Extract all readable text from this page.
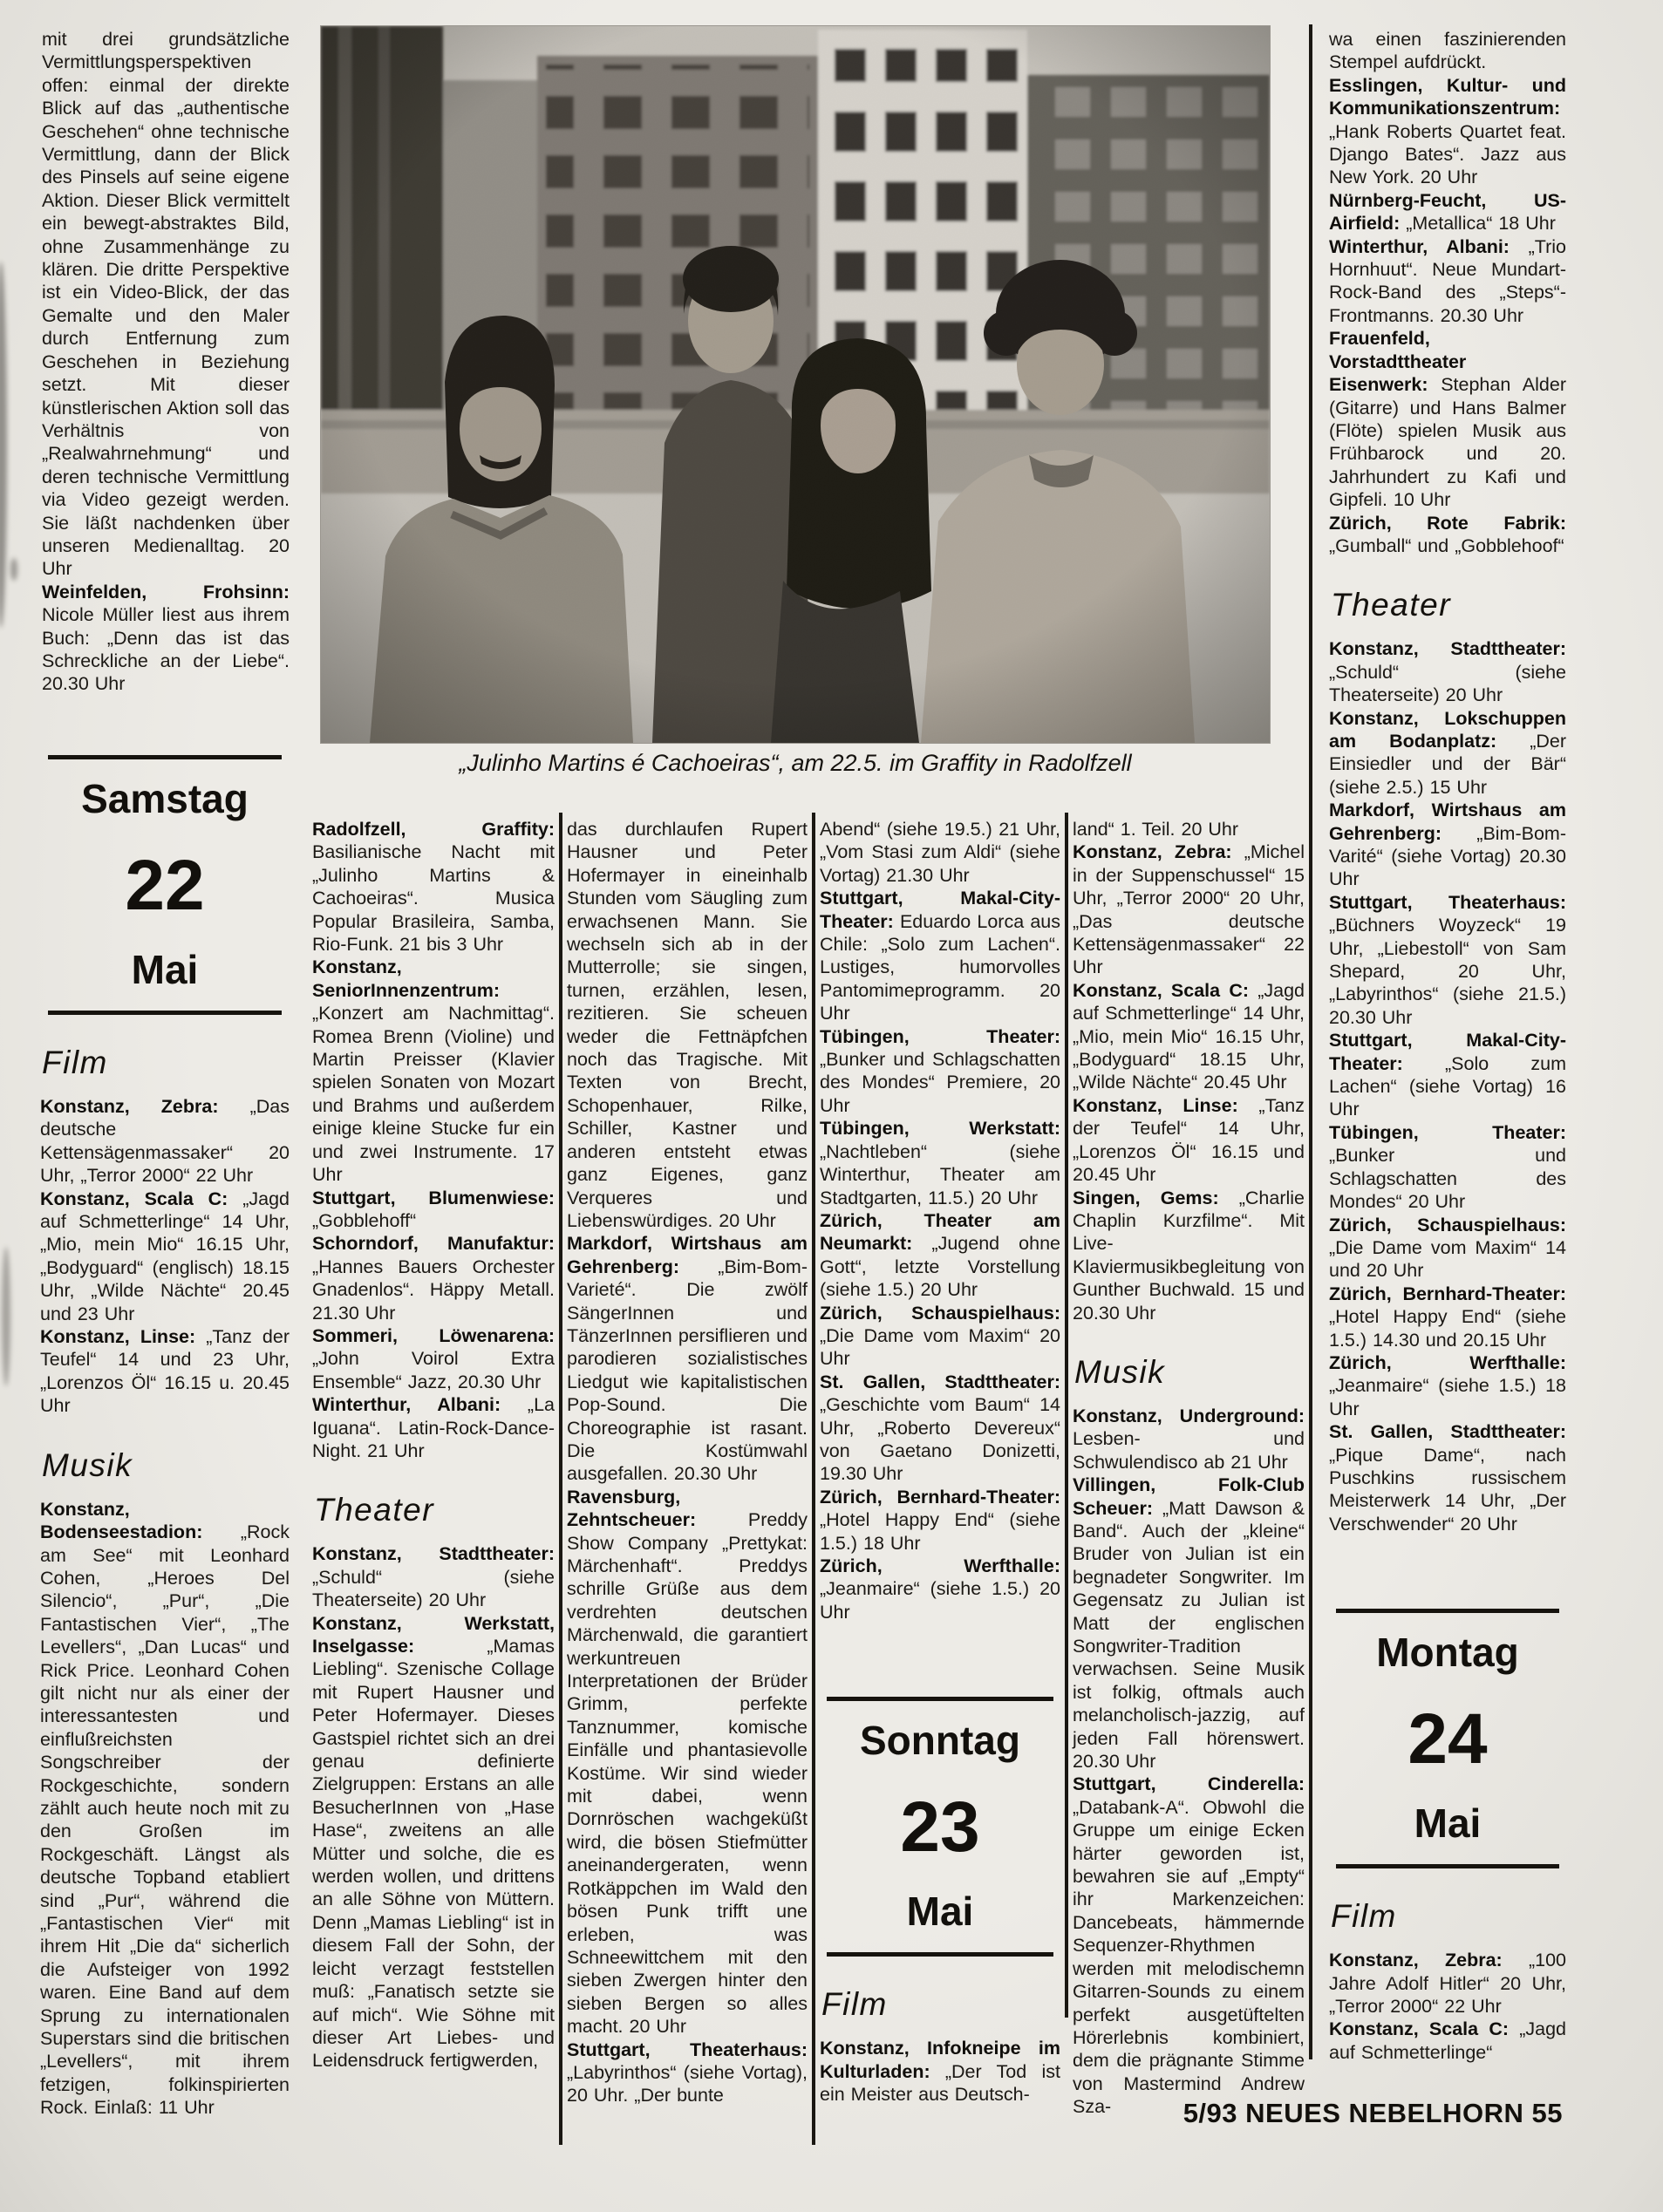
mit drei grundsätzliche Vermittlungsperspektiven offen: einmal der direkte Blick auf das „authentische Geschehen“ ohne technische Vermittlung, dann der Blick des Pinsels auf seine eigene Aktion. Dieser Blick vermittelt ein bewegt-abstraktes Bild, ohne Zusammenhänge zu klären. Die dritte Perspektive ist ein Video-Blick, der das Gemalte und den Maler durch Entfernung zum Geschehen in Beziehung setzt. Mit dieser künstlerischen Aktion soll das Verhältnis von „Realwahrnehmung“ und deren technische Vermittlung via Video gezeigt werden. Sie läßt nachdenken über unseren Medienalltag. 20 Uhr

Weinfelden, Frohsinn: Nicole Müller liest aus ihrem Buch: „Denn das ist das Schreckliche an der Liebe“. 20.30 Uhr

„Julinho Martins é Cachoeiras“, am 22.5. im Graffity in Radolfzell
Samstag
22
Mai
Film

Konstanz, Zebra: „Das deutsche Kettensägenmassaker“ 20 Uhr, „Terror 2000“ 22 Uhr

Konstanz, Scala C: „Jagd auf Schmetterlinge“ 14 Uhr, „Mio, mein Mio“ 16.15 Uhr, „Bodyguard“ (englisch) 18.15 Uhr, „Wilde Nächte“ 20.45 und 23 Uhr

Konstanz, Linse: „Tanz der Teufel“ 14 und 23 Uhr, „Lorenzos Öl“ 16.15 u. 20.45 Uhr

Musik

Konstanz, Bodenseestadion: „Rock am See“ mit Leonhard Cohen, „Heroes Del Silencio“, „Pur“, „Die Fantastischen Vier“, „The Levellers“, „Dan Lucas“ und Rick Price. Leonhard Cohen gilt nicht nur als einer der interessantesten und einflußreichsten Songschreiber der Rockgeschichte, sondern zählt auch heute noch mit zu den Großen im Rockgeschäft. Längst als deutsche Topband etabliert sind „Pur“, während die „Fantastischen Vier“ mit ihrem Hit „Die da“ sicherlich die Aufsteiger von 1992 waren. Eine Band auf dem Sprung zu internationalen Superstars sind die britischen „Levellers“, mit ihrem fetzigen, folkinspirierten Rock. Einlaß: 11 Uhr

Radolfzell, Graffity: Basilianische Nacht mit „Julinho Martins & Cachoeiras“. Musica Popular Brasileira, Samba, Rio-Funk. 21 bis 3 Uhr

Konstanz, SeniorInnenzentrum: „Konzert am Nachmittag“. Romea Brenn (Violine) und Martin Preisser (Klavier spielen Sonaten von Mozart und Brahms und außerdem einige kleine Stucke fur ein und zwei Instrumente. 17 Uhr

Stuttgart, Blumenwiese: „Gobblehoff“

Schorndorf, Manufaktur: „Hannes Bauers Orchester Gnadenlos“. Häppy Metall. 21.30 Uhr

Sommeri, Löwenarena: „John Voirol Extra Ensemble“ Jazz, 20.30 Uhr

Winterthur, Albani: „La Iguana“. Latin-Rock-Dance-Night. 21 Uhr

Theater

Konstanz, Stadttheater: „Schuld“ (siehe Theaterseite) 20 Uhr

Konstanz, Werkstatt, Inselgasse: „Mamas Liebling“. Szenische Collage mit Rupert Hausner und Peter Hofermayer. Dieses Gastspiel richtet sich an drei genau definierte Zielgruppen: Erstans an alle BesucherInnen von „Hase Hase“, zweitens an alle Mütter und solche, die es werden wollen, und drittens an alle Söhne von Müttern. Denn „Mamas Liebling“ ist in diesem Fall der Sohn, der leicht verzagt feststellen muß: „Fanatisch setzte sie auf mich“. Wie Söhne mit dieser Art Liebes- und Leidensdruck fertigwerden,

das durchlaufen Rupert Hausner und Peter Hofermayer in eineinhalb Stunden vom Säugling zum erwachsenen Mann. Sie wechseln sich ab in der Mutterrolle; sie singen, turnen, erzählen, lesen, rezitieren. Sie scheuen weder die Fettnäpfchen noch das Tragische. Mit Texten von Brecht, Schopenhauer, Rilke, Schiller, Kastner und anderen entsteht etwas ganz Eigenes, ganz Verqueres und Liebenswürdiges. 20 Uhr

Markdorf, Wirtshaus am Gehrenberg: „Bim-Bom-Varieté“. Die zwölf SängerInnen und TänzerInnen persiflieren und parodieren sozialistisches Liedgut wie kapitalistischen Pop-Sound. Die Choreographie ist rasant. Die Kostümwahl ausgefallen. 20.30 Uhr

Ravensburg, Zehntscheuer: Preddy Show Company „Prettykat: Märchenhaft“. Preddys schrille Grüße aus dem verdrehten deutschen Märchenwald, die garantiert werkuntreuen Interpretationen der Brüder Grimm, perfekte Tanznummer, komische Einfälle und phantasievolle Kostüme. Wir sind wieder mit dabei, wenn Dornröschen wachgeküßt wird, die bösen Stiefmütter aneinandergeraten, wenn Rotkäppchen im Wald den bösen Punk trifft une erleben, was Schneewittchem mit den sieben Zwergen hinter den sieben Bergen so alles macht. 20 Uhr

Stuttgart, Theaterhaus: „Labyrinthos“ (siehe Vortag), 20 Uhr. „Der bunte

Abend“ (siehe 19.5.) 21 Uhr, „Vom Stasi zum Aldi“ (siehe Vortag) 21.30 Uhr

Stuttgart, Makal-City-Theater: Eduardo Lorca aus Chile: „Solo zum Lachen“. Lustiges, humorvolles Pantomimeprogramm. 20 Uhr

Tübingen, Theater: „Bunker und Schlagschatten des Mondes“ Premiere, 20 Uhr

Tübingen, Werkstatt: „Nachtleben“ (siehe Winterthur, Theater am Stadtgarten, 11.5.) 20 Uhr

Zürich, Theater am Neumarkt: „Jugend ohne Gott“, letzte Vorstellung (siehe 1.5.) 20 Uhr

Zürich, Schauspielhaus: „Die Dame vom Maxim“ 20 Uhr

St. Gallen, Stadttheater: „Geschichte vom Baum“ 14 Uhr, „Roberto Devereux“ von Gaetano Donizetti, 19.30 Uhr

Zürich, Bernhard-Theater: „Hotel Happy End“ (siehe 1.5.) 18 Uhr

Zürich, Werfthalle: „Jeanmaire“ (siehe 1.5.) 20 Uhr

Sonntag
23
Mai
Film

Konstanz, Infokneipe im Kulturladen: „Der Tod ist ein Meister aus Deutsch-

land“ 1. Teil. 20 Uhr

Konstanz, Zebra: „Michel in der Suppenschussel“ 15 Uhr, „Terror 2000“ 20 Uhr, „Das deutsche Kettensägenmassaker“ 22 Uhr

Konstanz, Scala C: „Jagd auf Schmetterlinge“ 14 Uhr, „Mio, mein Mio“ 16.15 Uhr, „Bodyguard“ 18.15 Uhr, „Wilde Nächte“ 20.45 Uhr

Konstanz, Linse: „Tanz der Teufel“ 14 Uhr, „Lorenzos Öl“ 16.15 und 20.45 Uhr

Singen, Gems: „Charlie Chaplin Kurzfilme“. Mit Live-Klaviermusikbegleitung von Gunther Buchwald. 15 und 20.30 Uhr

Musik

Konstanz, Underground: Lesben- und Schwulendisco ab 21 Uhr

Villingen, Folk-Club Scheuer: „Matt Dawson & Band“. Auch der „kleine“ Bruder von Julian ist ein begnadeter Songwriter. Im Gegensatz zu Julian ist Matt der englischen Songwriter-Tradition verwachsen. Seine Musik ist folkig, oftmals auch melancholisch-jazzig, auf jeden Fall hörenswert. 20.30 Uhr

Stuttgart, Cinderella: „Databank-A“. Obwohl die Gruppe um einige Ecken härter geworden ist, bewahren sie auf „Empty“ ihr Markenzeichen: Dancebeats, hämmernde Sequenzer-Rhythmen werden mit melodischemn Gitarren-Sounds zu einem perfekt ausgetüftelten Hörerlebnis kombiniert, dem die prägnante Stimme von Mastermind Andrew Sza-

wa einen faszinierenden Stempel aufdrückt.

Esslingen, Kultur- und Kommunikationszentrum: „Hank Roberts Quartet feat. Django Bates“. Jazz aus New York. 20 Uhr

Nürnberg-Feucht, US-Airfield: „Metallica“ 18 Uhr

Winterthur, Albani: „Trio Hornhuut“. Neue Mundart-Rock-Band des „Steps“-Frontmanns. 20.30 Uhr

Frauenfeld, Vorstadttheater Eisenwerk: Stephan Alder (Gitarre) und Hans Balmer (Flöte) spielen Musik aus Frühbarock und 20. Jahrhundert zu Kafi und Gipfeli. 10 Uhr

Zürich, Rote Fabrik: „Gumball“ und „Gobblehoof“

Theater

Konstanz, Stadttheater: „Schuld“ (siehe Theaterseite) 20 Uhr

Konstanz, Lokschuppen am Bodanplatz: „Der Einsiedler und der Bär“ (siehe 2.5.) 15 Uhr

Markdorf, Wirtshaus am Gehrenberg: „Bim-Bom-Varité“ (siehe Vortag) 20.30 Uhr

Stuttgart, Theaterhaus: „Büchners Woyzeck“ 19 Uhr, „Liebestoll“ von Sam Shepard, 20 Uhr, „Labyrinthos“ (siehe 21.5.) 20.30 Uhr

Stuttgart, Makal-City-Theater: „Solo zum Lachen“ (siehe Vortag) 16 Uhr

Tübingen, Theater: „Bunker und Schlagschatten des Mondes“ 20 Uhr

Zürich, Schauspielhaus: „Die Dame vom Maxim“ 14 und 20 Uhr

Zürich, Bernhard-Theater: „Hotel Happy End“ (siehe 1.5.) 14.30 und 20.15 Uhr

Zürich, Werfthalle: „Jeanmaire“ (siehe 1.5.) 18 Uhr

St. Gallen, Stadttheater: „Pique Dame“, nach Puschkins russischem Meisterwerk 14 Uhr, „Der Verschwender“ 20 Uhr

Montag
24
Mai
Film

Konstanz, Zebra: „100 Jahre Adolf Hitler“ 20 Uhr, „Terror 2000“ 22 Uhr

Konstanz, Scala C: „Jagd auf Schmetterlinge“

5/93 NEUES NEBELHORN 55
